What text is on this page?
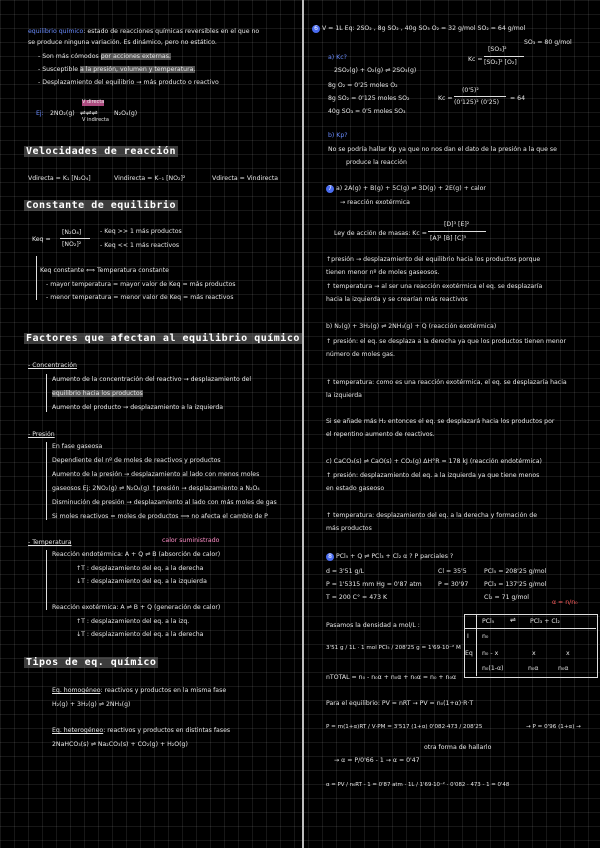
equilibrio químico: estado de reacciones químicas reversibles en el que no
se produce ninguna variación. Es dinámico, pero no estático.
- Son más cómodos por acciones externas.
- Susceptible a la presión, volumen y temperatura.
- Desplazamiento del equilibrio → más producto o reactivo
Ej: 2NO₂(g)
V directa
⇌⇌⇌
V indirecta
N₂O₄(g)
Velocidades de reacción
Vdirecta = K₁ [N₂O₄]	Vindirecta = K₋₁ [NO₂]²	Vdirecta = Vindirecta
Constante de equilibrio
Keq =
[N₂O₄]
[NO₂]²
- Keq >> 1 más productos
- Keq << 1 más reactivos
Keq constante ⟺ Temperatura constante
- mayor temperatura = mayor valor de Keq = más productos
- menor temperatura = menor valor de Keq = más reactivos
Factores que afectan al equilibrio químico
- Concentración
Aumento de la concentración del reactivo → desplazamiento del
equilibrio hacia los productos
Aumento del producto → desplazamiento a la izquierda
- Presión
En fase gaseosa
Dependiente del nº de moles de reactivos y productos
Aumento de la presión → desplazamiento al lado con menos moles
gaseosos Ej: 2NO₂(g) ⇌ N₂O₄(g) ↑presión → desplazamiento a N₂O₄
Disminución de presión → desplazamiento al lado con más moles de gas
Si moles reactivos = moles de productos ⟹ no afecta el cambio de P
- Temperatura	calor suministrado
Reacción endotérmica: A + Q ⇌ B (absorción de calor)
↑T : desplazamiento del eq. a la derecha
↓T : desplazamiento del eq. a la izquierda
Reacción exotérmica: A ⇌ B + Q (generación de calor)
↑T : desplazamiento del eq. a la izq.
↓T : desplazamiento del eq. a la derecha
Tipos de eq. químico
Eq. homogéneo: reactivos y productos en la misma fase
H₂(g) + 3H₂(g) ⇌ 2NH₃(g)
Eq. heterogéneo: reactivos y productos en distintas fases
2NaHCO₃(s) ⇌ Na₂CO₃(s) + CO₂(g) + H₂O(g)
6 V = 1L Eq: 2SO₂ , 8g SO₂ , 40g SO₃ O₂ = 32 g/mol SO₂ = 64 g/mol
SO₃ = 80 g/mol
a) Kc?
2SO₂(g) + O₂(g) ⇌ 2SO₃(g)
Kc =
[SO₃]²
[SO₂]² [O₂]
8g O₂ = 0'25 moles O₂
8g SO₂ = 0'125 moles SO₂
40g SO₃ = 0'5 moles SO₃
Kc =
(0'5)²
(0'125)² (0'25)
= 64
b) Kp?
No se podría hallar Kp ya que no nos dan el dato de la presión a la que se
produce la reacción
7 a) 2A(g) + B(g) + 5C(g) ⇌ 3D(g) + 2E(g) + calor
→ reacción exotérmica
Ley de acción de masas: Kc =
[D]³ [E]²
[A]² [B] [C]⁵
↑presión → desplazamiento del equilibrio hacia los productos porque
tienen menor nº de moles gaseosos.
↑ temperatura → al ser una reacción exotérmica el eq. se desplazaría
hacia la izquierda y se crearían más reactivos
b) N₂(g) + 3H₂(g) ⇌ 2NH₃(g) + Q (reacción exotérmica)
↑ presión: el eq. se desplaza a la derecha ya que los productos tienen menor
número de moles gas.
↑ temperatura: como es una reacción exotérmica, el eq. se desplazaría hacia
la izquierda
Si se añade más H₂ entonces el eq. se desplazará hacia los productos por
el repentino aumento de reactivos.
c) CaCO₃(s) ⇌ CaO(s) + CO₂(g) ΔH°R = 178 kJ (reacción endotérmica)
↑ presión: desplazamiento del eq. a la izquierda ya que tiene menos
en estado gaseoso
↑ temperatura: desplazamiento del eq. a la derecha y formación de
más productos
8 PCl₅ + Q ⇌ PCl₃ + Cl₂ α ? P parciales ?
d = 3'51 g/L
P = 1'5315 mm Hg = 0'87 atm
T = 200 C° = 473 K
Cl = 35'5
P = 30'97
PCl₅ = 208'25 g/mol
PCl₃ = 137'25 g/mol
Cl₂ = 71 g/mol
α = n/n₀
Pasamos la densidad a mol/L :
3'51 g / 1L · 1 mol PCl₅ / 208'25 g = 1'69·10⁻² M
nTOTAL = n₀ - n₀α + n₀α + n₀α = n₀ + n₀α
PCl₅ ⇌ PCl₃ + Cl₂
I n₀
Eq n₀ - x	x	x
n₀(1-α)	n₀α	n₀α
Para el equilibrio: PV = nRT → PV = n₀(1+α)·R·T
P = m(1+α)RT / V·PM = 3'517 (1+α) 0'082·473 / 208'25	→ P = 0'96 (1+α) →
otra forma de hallarlo
→ α = P/0'66 - 1 → α = 0'47
α = PV / n₀RT - 1 = 0'87 atm · 1L / 1'69·10⁻² · 0'082 · 473 - 1 = 0'48
